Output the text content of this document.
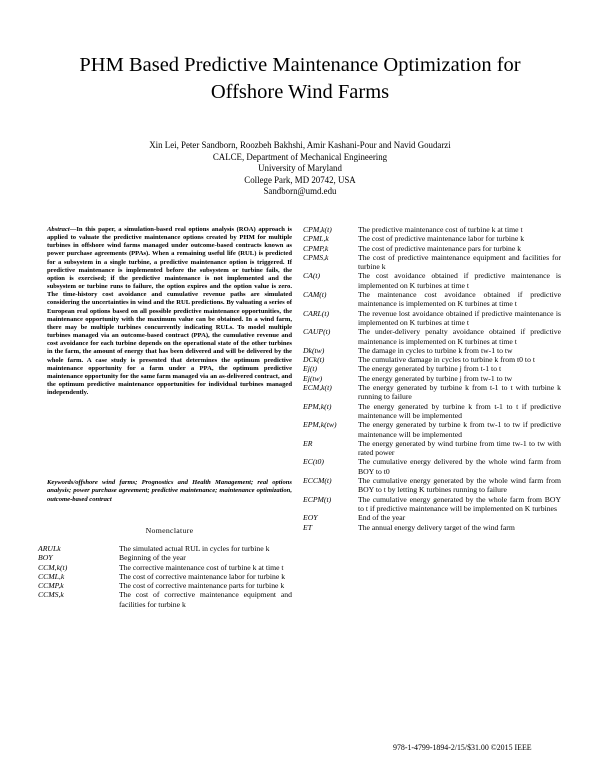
PHM Based Predictive Maintenance Optimization for
Offshore Wind Farms
Xin Lei, Peter Sandborn, Roozbeh Bakhshi, Amir Kashani-Pour and Navid Goudarzi
CALCE, Department of Mechanical Engineering
University of Maryland
College Park, MD 20742, USA
Sandborn@umd.edu
Abstract—In this paper, a simulation-based real options analysis (ROA) approach is applied to valuate the predictive maintenance options created by PHM for multiple turbines in offshore wind farms managed under outcome-based contracts known as power purchase agreements (PPAs). When a remaining useful life (RUL) is predicted for a subsystem in a single turbine, a predictive maintenance option is triggered. If predictive maintenance is implemented before the subsystem or turbine fails, the option is exercised; if the predictive maintenance is not implemented and the subsystem or turbine runs to failure, the option expires and the option value is zero. The time-history cost avoidance and cumulative revenue paths are simulated considering the uncertainties in wind and the RUL predictions. By valuating a series of European real options based on all possible predictive maintenance opportunities, the maintenance opportunity with the maximum value can be obtained. In a wind farm, there may be multiple turbines concurrently indicating RULs. To model multiple turbines managed via an outcome-based contract (PPA), the cumulative revenue and cost avoidance for each turbine depends on the operational state of the other turbines in the farm, the amount of energy that has been delivered and will be delivered by the whole farm. A case study is presented that determines the optimum predictive maintenance opportunity for a farm under a PPA, the optimum predictive maintenance opportunity for the same farm managed via an as-delivered contract, and the optimum predictive maintenance opportunities for individual turbines managed independently.
Keywords/offshore wind farms; Prognostics and Health Management; real options analysis; power purchase agreement; predictive maintenance; maintenance optimization, outcome-based contract
Nomenclature
ARULk	The simulated actual RUL in cycles for turbine k
BOY	Beginning of the year
CCM,k(t)	The corrective maintenance cost of turbine k at time t
CCML,k	The cost of corrective maintenance labor for turbine k
CCMP,k	The cost of corrective maintenance parts for turbine k
CCMS,k	The cost of corrective maintenance equipment and facilities for turbine k
CPM,k(t)	The predictive maintenance cost of turbine k at time t
CPML,k	The cost of predictive maintenance labor for turbine k
CPMP,k	The cost of predictive maintenance pars for turbine k
CPMS,k	The cost of predictive maintenance equipment and facilities for turbine k
CA(t)	The cost avoidance obtained if predictive maintenance is implemented on K turbines at time t
CAM(t)	The maintenance cost avoidance obtained if predictive maintenance is implemented on K turbines at time t
CARL(t)	The revenue lost avoidance obtained if predictive maintenance is implemented on K turbines at time t
CAUP(t)	The under-delivery penalty avoidance obtained if predictive maintenance is implemented on K turbines at time t
Dk(tw)	The damage in cycles to turbine k from tw-1 to tw
DCk(t)	The cumulative damage in cycles to turbine k from t0 to t
Ej(t)	The energy generated by turbine j from t-1 to t
Ej(tw)	The energy generated by turbine j from tw-1 to tw
ECM,k(t)	The energy generated by turbine k from t-1 to t with turbine k running to failure
EPM,k(t)	The energy generated by turbine k from t-1 to t if predictive maintenance will be implemented
EPM,k(tw)	The energy generated by turbine k from tw-1 to tw if predictive maintenance will be implemented
ER	The energy generated by wind turbine from time tw-1 to tw with rated power
EC(t0)	The cumulative energy delivered by the whole wind farm from BOY to t0
ECCM(t)	The cumulative energy generated by the whole wind farm from BOY to t by letting K turbines running to failure
ECPM(t)	The cumulative energy generated by the whole farm from BOY to t if predictive maintenance will be implemented on K turbines
EOY	End of the year
ET	The annual energy delivery target of the wind farm
978-1-4799-1894-2/15/$31.00 ©2015 IEEE
